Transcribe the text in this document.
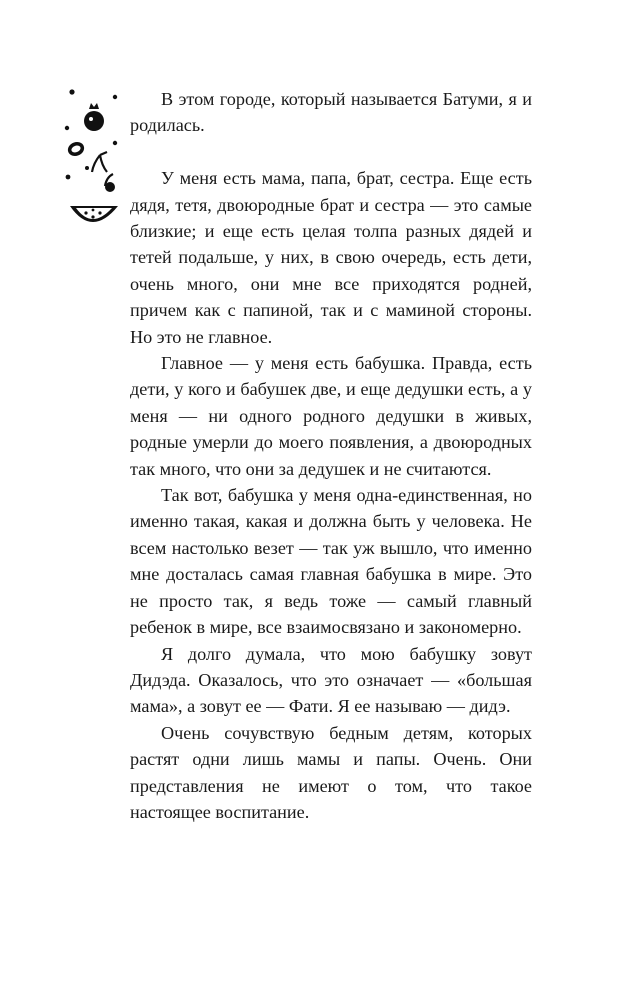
В этом городе, который называется Батуми, я и родилась.

У меня есть мама, папа, брат, сестра. Еще есть дядя, тетя, двоюродные брат и сестра — это самые близкие; и еще есть целая толпа разных дядей и тетей подальше, у них, в свою очередь, есть дети, очень много, они мне все приходятся родней, причем как с папиной, так и с маминой стороны. Но это не главное.

Главное — у меня есть бабушка. Правда, есть дети, у кого и бабушек две, и еще дедушки есть, а у меня — ни одного родного дедушки в живых, родные умерли до моего появления, а двоюродных так много, что они за дедушек и не считаются.

Так вот, бабушка у меня одна-единственная, но именно такая, какая и должна быть у человека. Не всем настолько везет — так уж вышло, что именно мне досталась самая главная бабушка в мире. Это не просто так, я ведь тоже — самый главный ребенок в мире, все взаимосвязано и закономерно.

Я долго думала, что мою бабушку зовут Дидэда. Оказалось, что это означает — «большая мама», а зовут ее — Фати. Я ее называю — дидэ.

Очень сочувствую бедным детям, которых растят одни лишь мамы и папы. Очень. Они представления не имеют о том, что такое настоящее воспитание.
